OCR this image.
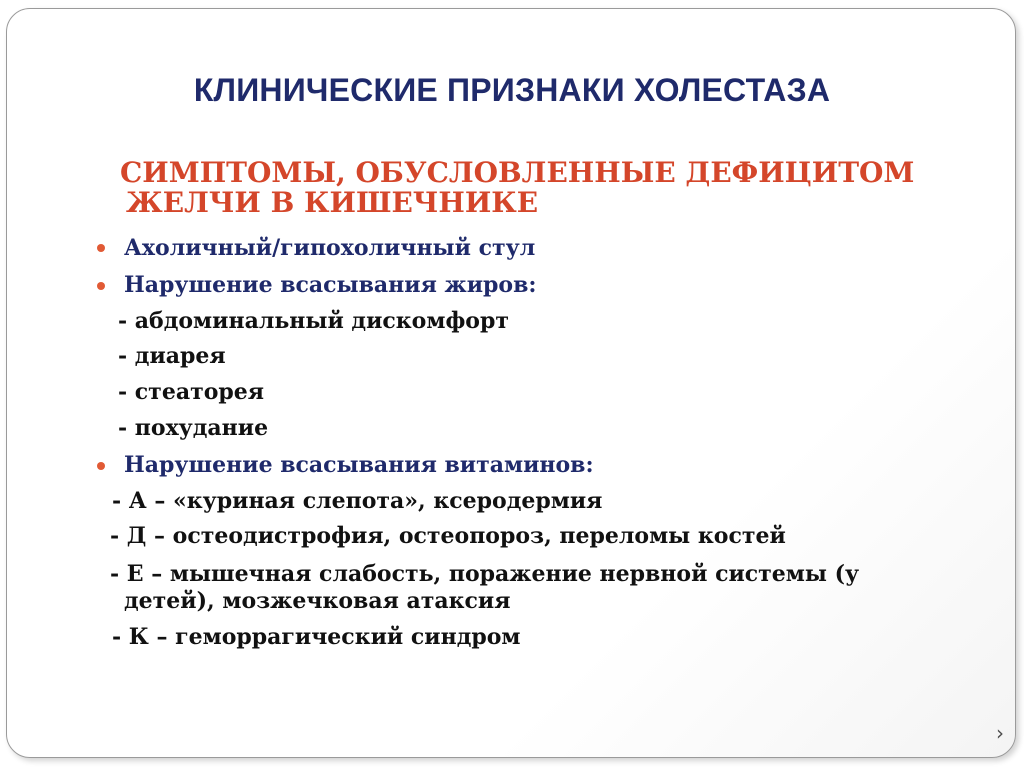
КЛИНИЧЕСКИЕ ПРИЗНАКИ ХОЛЕСТАЗА
СИМПТОМЫ, ОБУСЛОВЛЕННЫЕ ДЕФИЦИТОМ
ЖЕЛЧИ В КИШЕЧНИКЕ
Ахоличный/гипохоличный стул
Нарушение всасывания жиров:
- абдоминальный дискомфорт
- диарея
- стеаторея
- похудание
Нарушение всасывания витаминов:
- А – «куриная слепота», ксеродермия
- Д – остеодистрофия, остеопороз, переломы костей
- Е – мышечная слабость, поражение нервной системы (у
детей), мозжечковая атаксия
- К – геморрагический синдром
›
